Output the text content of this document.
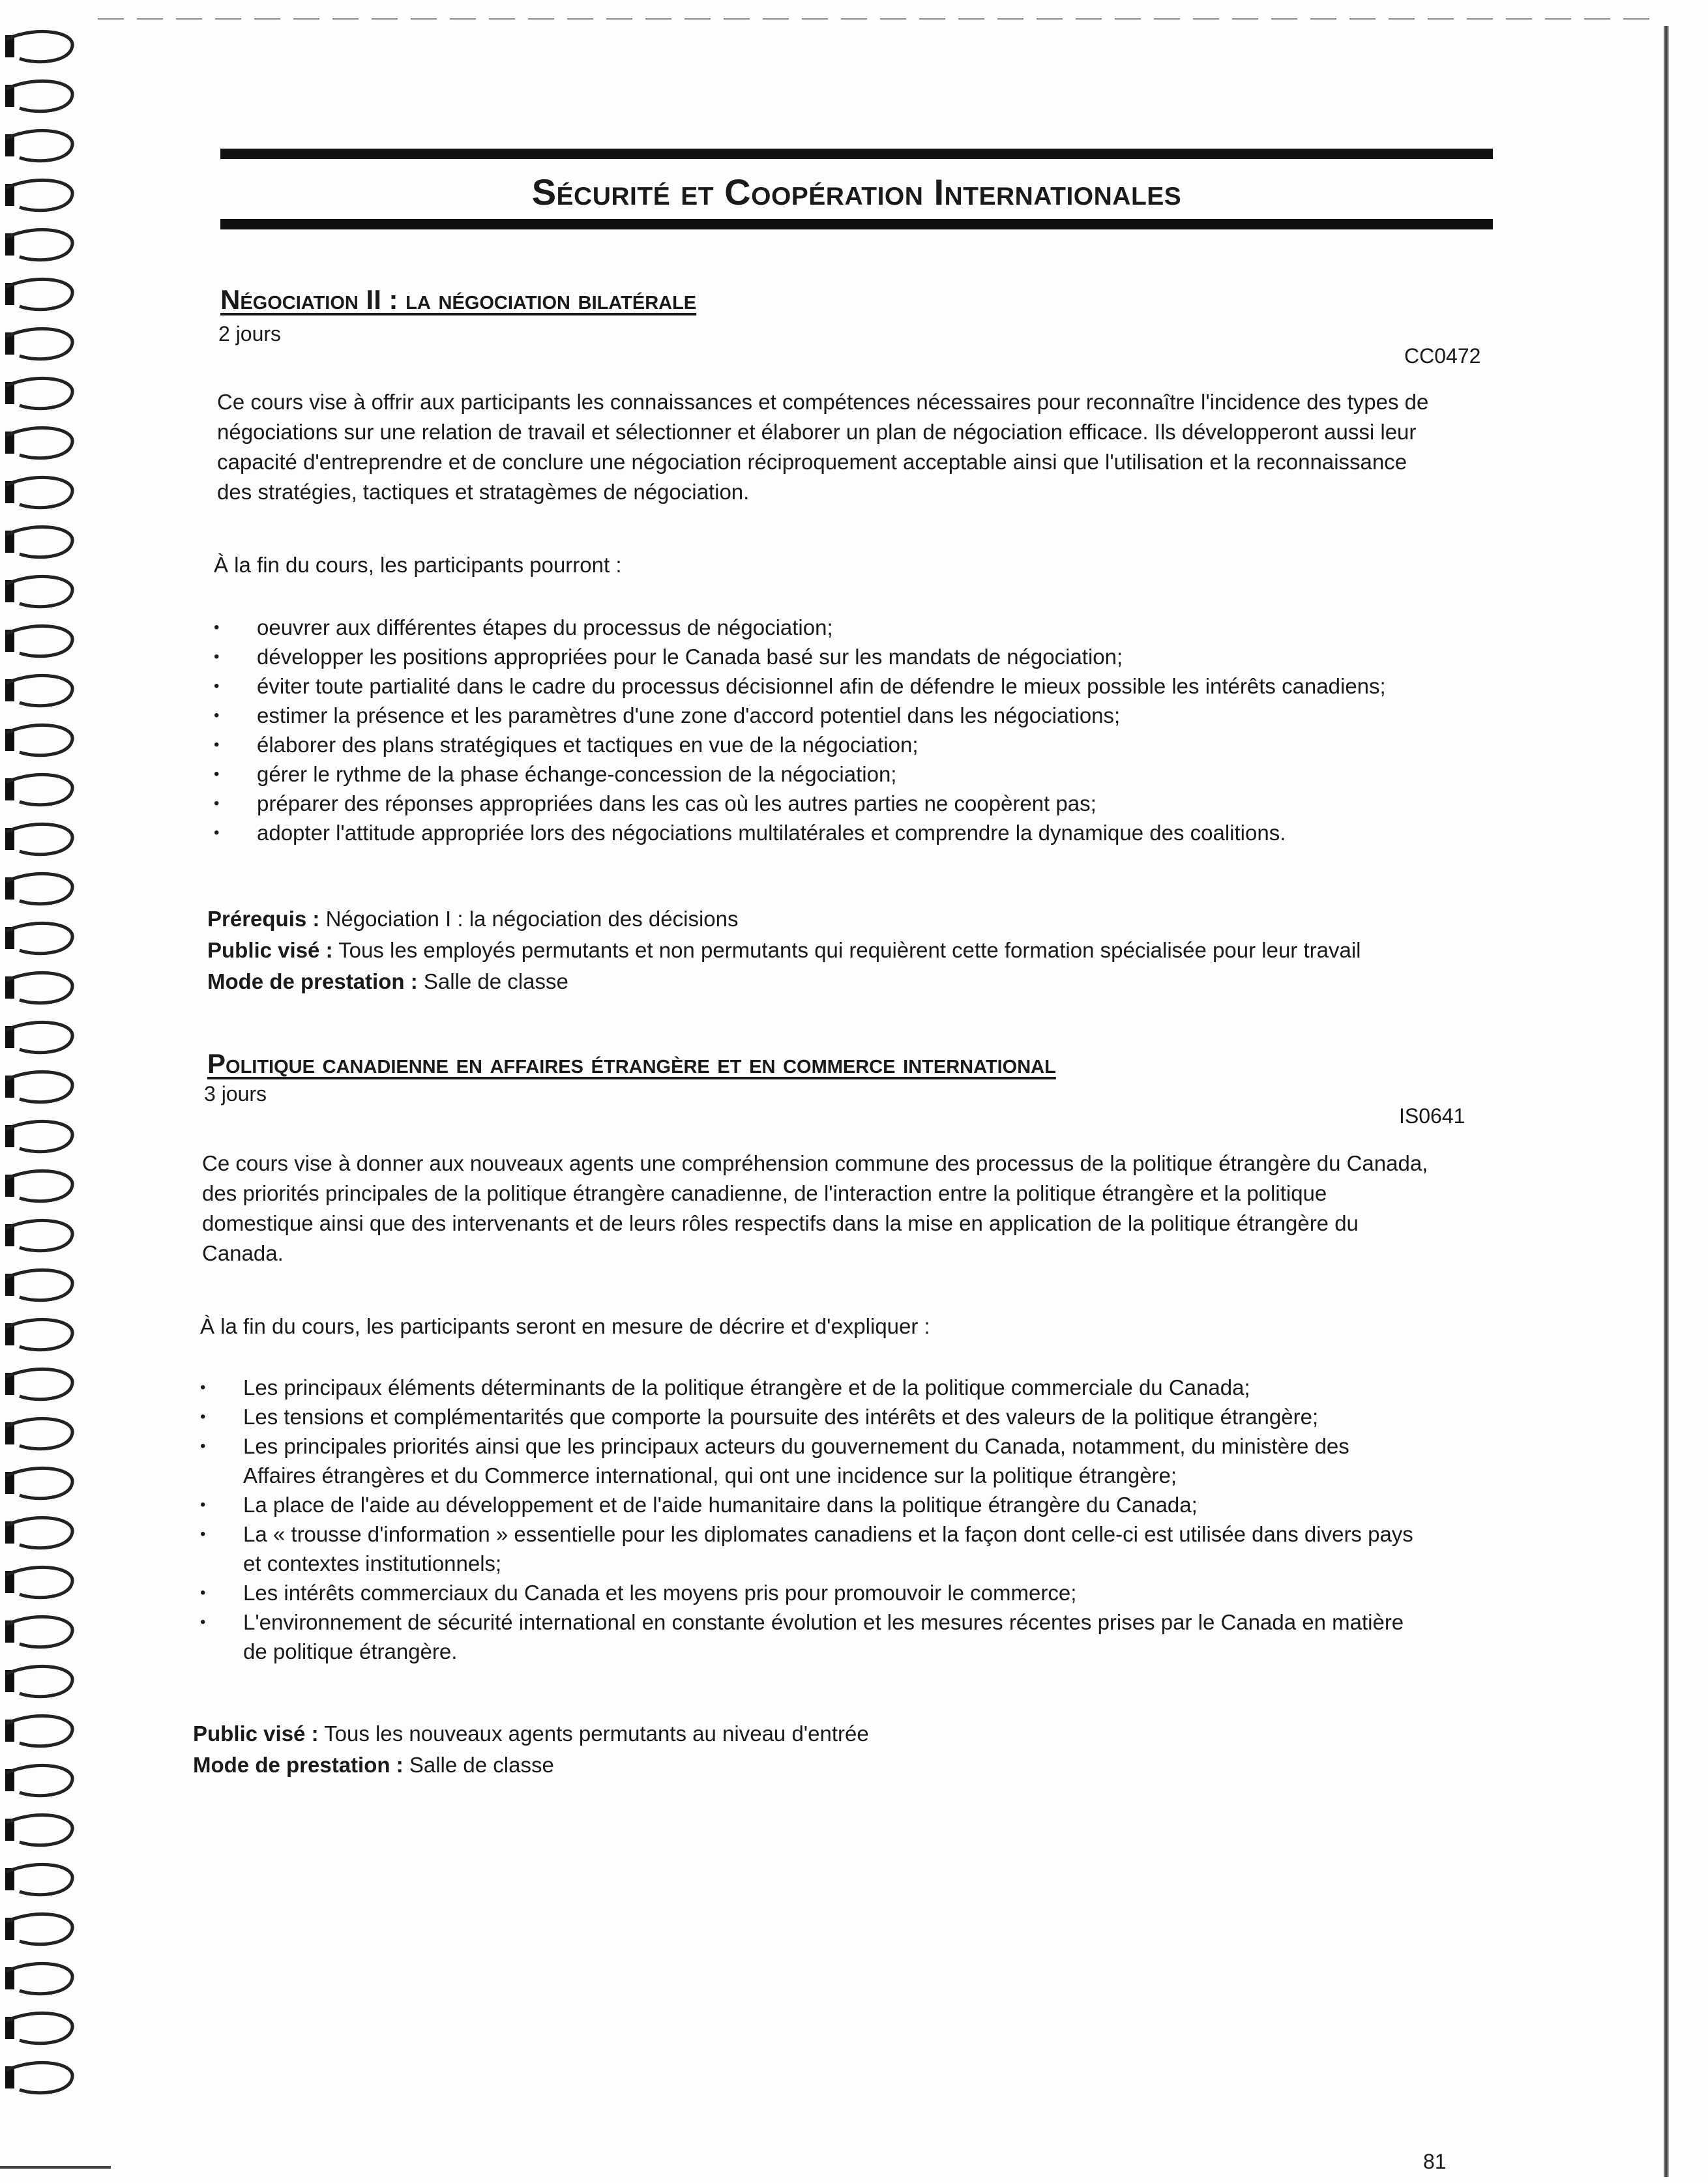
Sécurité et Coopération Internationales
Négociation II : la négociation bilatérale
2 jours
CC0472
Ce cours vise à offrir aux participants les connaissances et compétences nécessaires pour reconnaître l'incidence des types de
négociations sur une relation de travail et sélectionner et élaborer un plan de négociation efficace. Ils développeront aussi leur
capacité d'entreprendre et de conclure une négociation réciproquement acceptable ainsi que l'utilisation et la reconnaissance
des stratégies, tactiques et stratagèmes de négociation.
À la fin du cours, les participants pourront :
• oeuvrer aux différentes étapes du processus de négociation;
• développer les positions appropriées pour le Canada basé sur les mandats de négociation;
• éviter toute partialité dans le cadre du processus décisionnel afin de défendre le mieux possible les intérêts canadiens;
• estimer la présence et les paramètres d'une zone d'accord potentiel dans les négociations;
• élaborer des plans stratégiques et tactiques en vue de la négociation;
• gérer le rythme de la phase échange-concession de la négociation;
• préparer des réponses appropriées dans les cas où les autres parties ne coopèrent pas;
• adopter l'attitude appropriée lors des négociations multilatérales et comprendre la dynamique des coalitions.
Prérequis : Négociation I : la négociation des décisions
Public visé : Tous les employés permutants et non permutants qui requièrent cette formation spécialisée pour leur travail
Mode de prestation : Salle de classe
Politique canadienne en affaires étrangère et en commerce international
3 jours
IS0641
Ce cours vise à donner aux nouveaux agents une compréhension commune des processus de la politique étrangère du Canada,
des priorités principales de la politique étrangère canadienne, de l'interaction entre la politique étrangère et la politique
domestique ainsi que des intervenants et de leurs rôles respectifs dans la mise en application de la politique étrangère du
Canada.
À la fin du cours, les participants seront en mesure de décrire et d'expliquer :
• Les principaux éléments déterminants de la politique étrangère et de la politique commerciale du Canada;
• Les tensions et complémentarités que comporte la poursuite des intérêts et des valeurs de la politique étrangère;
• Les principales priorités ainsi que les principaux acteurs du gouvernement du Canada, notamment, du ministère des
Affaires étrangères et du Commerce international, qui ont une incidence sur la politique étrangère;
• La place de l'aide au développement et de l'aide humanitaire dans la politique étrangère du Canada;
• La « trousse d'information » essentielle pour les diplomates canadiens et la façon dont celle-ci est utilisée dans divers pays
et contextes institutionnels;
• Les intérêts commerciaux du Canada et les moyens pris pour promouvoir le commerce;
• L'environnement de sécurité international en constante évolution et les mesures récentes prises par le Canada en matière
de politique étrangère.
Public visé : Tous les nouveaux agents permutants au niveau d'entrée
Mode de prestation : Salle de classe
81
